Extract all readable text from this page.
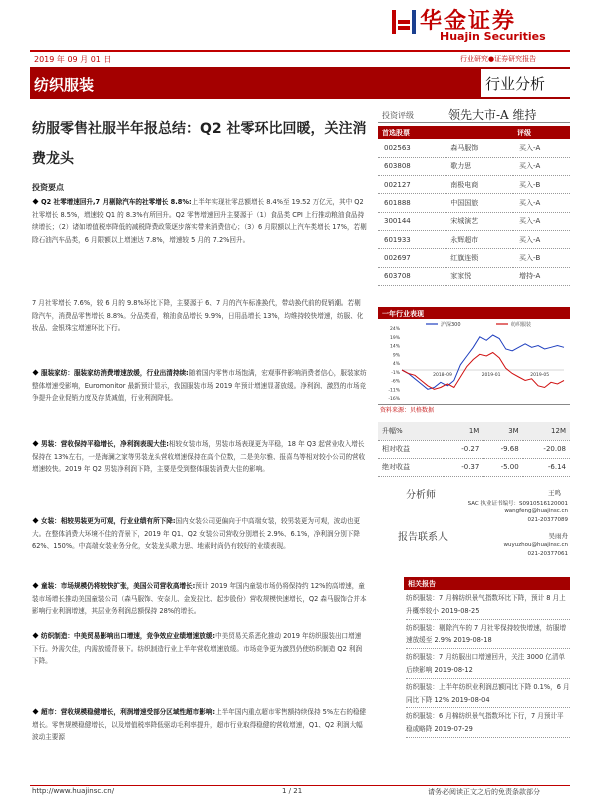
华金证券
Huajin Securities
2019 年 09 月 01 日	行业研究●证券研究报告
纺织服装	行业分析
纺服零售社服半年报总结：Q2 社零环比回暖，关注消费龙头
投资要点
Q2 社零增速回升,7 月剔除汽车的社零增长 8.8%:上半年实现社零总额增长 8.4%至 19.52 万亿元，其中 Q2 社零增长 8.5%，增速较 Q1 的 8.3%有所回升。Q2 零售增速回升主要源于（1）食品类 CPI 上行推动粮油食品持续增长；（2）诸如增值税率降低的减税降费政策逐步落实带来消费信心；（3）6 月限额以上汽车类增长 17%，若剔除石油汽车品类，6 月限额以上增速达 7.8%，增速较 5 月的 7.2%回升。
7 月社零增长 7.6%，较 6 月的 9.8%环比下降，主要源于 6、7 月的汽车标准换代，带动换代前的促销潮。若剔除汽车，消费品零售增长 8.8%。分品类看，粮油食品增长 9.9%，日用品增长 13%，均维持较快增速，纺服、化妆品、金银珠宝增速环比下行。
服装家纺：服装家纺消费增速放缓，行业出清持续:随着国内零售市场饱满，宏观事件影响消费者信心，服装家纺整体增速受影响，Euromonitor 最新预计显示，我国服装市场 2019 年预计增速显著放缓。净利润、激烈的市场竞争提升企业促销力度及存货减值，行业利润降低。
男装：营收保持平稳增长，净利润表现大佳:相较女装市场，男装市场表现更为平稳，18 年 Q3 起营业收入增长保持在 13%左右，一是海澜之家等男装龙头营收增速保持在高个位数，二是美尔雅、报喜鸟等相对较小公司的营收增速较快。2019 年 Q2 男装净利润下降，主要是受到整体服装消费大佳的影响。
女装：相较男装更为可观，行业业绩有所下降:国内女装公司更偏向于中高端女装，较男装更为可观，波动也更大。在整体消费大环境不佳的背景下，2019 年 Q1、Q2 女装公司营收分别增长 2.9%、6.1%，净利润分别下降 62%、150%。中高端女装业务分化，女装龙头歌力思、地素时尚仍有较好的业绩表现。
童装：市场规模仍将较快扩张，美国公司营收高增长:预计 2019 年国内童装市场仍将保持约 12%的高增速，童装市场增长推动美国童装公司（森马服饰、安奈儿、金发拉比、起步股份）营收规模快速增长，Q2 森马服饰合并本影响行业利润增速，其层业务利润总额保持 28%的增长。
纺织制造：中美贸易影响出口增速，竞争效应业绩增速放缓:中美贸易关系恶化推动 2019 年纺织服装出口增速下行。外需欠佳，内需放缓背景下。纺织制造行业上半年营收增速放缓。市场竞争更为激烈仍使纺织制造 Q2 利润下降。
超市：营收规模稳健增长，利润增速受部分区域性超市影响:上半年国内重点超市零售额持续保持 5%左右的稳健增长。零售规模稳健增长，以及增值税率降低驱动毛利率提升，超市行业取得稳健的营收增速，Q1、Q2 利润大幅波动主要源
投资评级	领先大市-A 维持
首选股票		评级
002563	森马服饰	买入-A
603808	歌力思	买入-A
002127	南极电商	买入-B
601888	中国国旅	买入-A
300144	宋城演艺	买入-A
601933	永辉超市	买入-A
002697	红旗连锁	买入-B
603708	家家悦	增持-A
一年行业表现
24%
19%
14%
9%
4%
-1%
-6%
-11%
-16%
2018-09	2019-01	2019-05
沪深300	纺织服装
资料来源：贝格数据
升幅%	1M	3M	12M
相对收益	-0.27	-9.68	-20.08
绝对收益	-0.37	-5.00	-6.14
分析师	王鸣
SAC 执业证书编号：S0910516120001
wangfeng@huajinsc.cn
021-20377089
报告联系人	吴雨舟
wuyuzhou@huajinsc.cn
021-20377061
相关报告
纺织服装：7 月棉纺织景气指数环比下降，预计 8 月上升概率较小 2019-08-25
纺织服装：剔除汽车的 7 月社零保持较快增速，纺服增速放缓至 2.9% 2019-08-18
纺织服装：7 月纺服出口增速回升，关注 3000 亿清单后续影响 2019-08-12
纺织服装：上半年纺织业利润总额同比下降 0.1%，6 月同比下降 12% 2019-08-04
纺织服装：6 月棉纺织景气指数环比下行，7 月预计平稳或略降 2019-07-29
http://www.huajinsc.cn/	1 / 21	请务必阅读正文之后的免责条款部分
